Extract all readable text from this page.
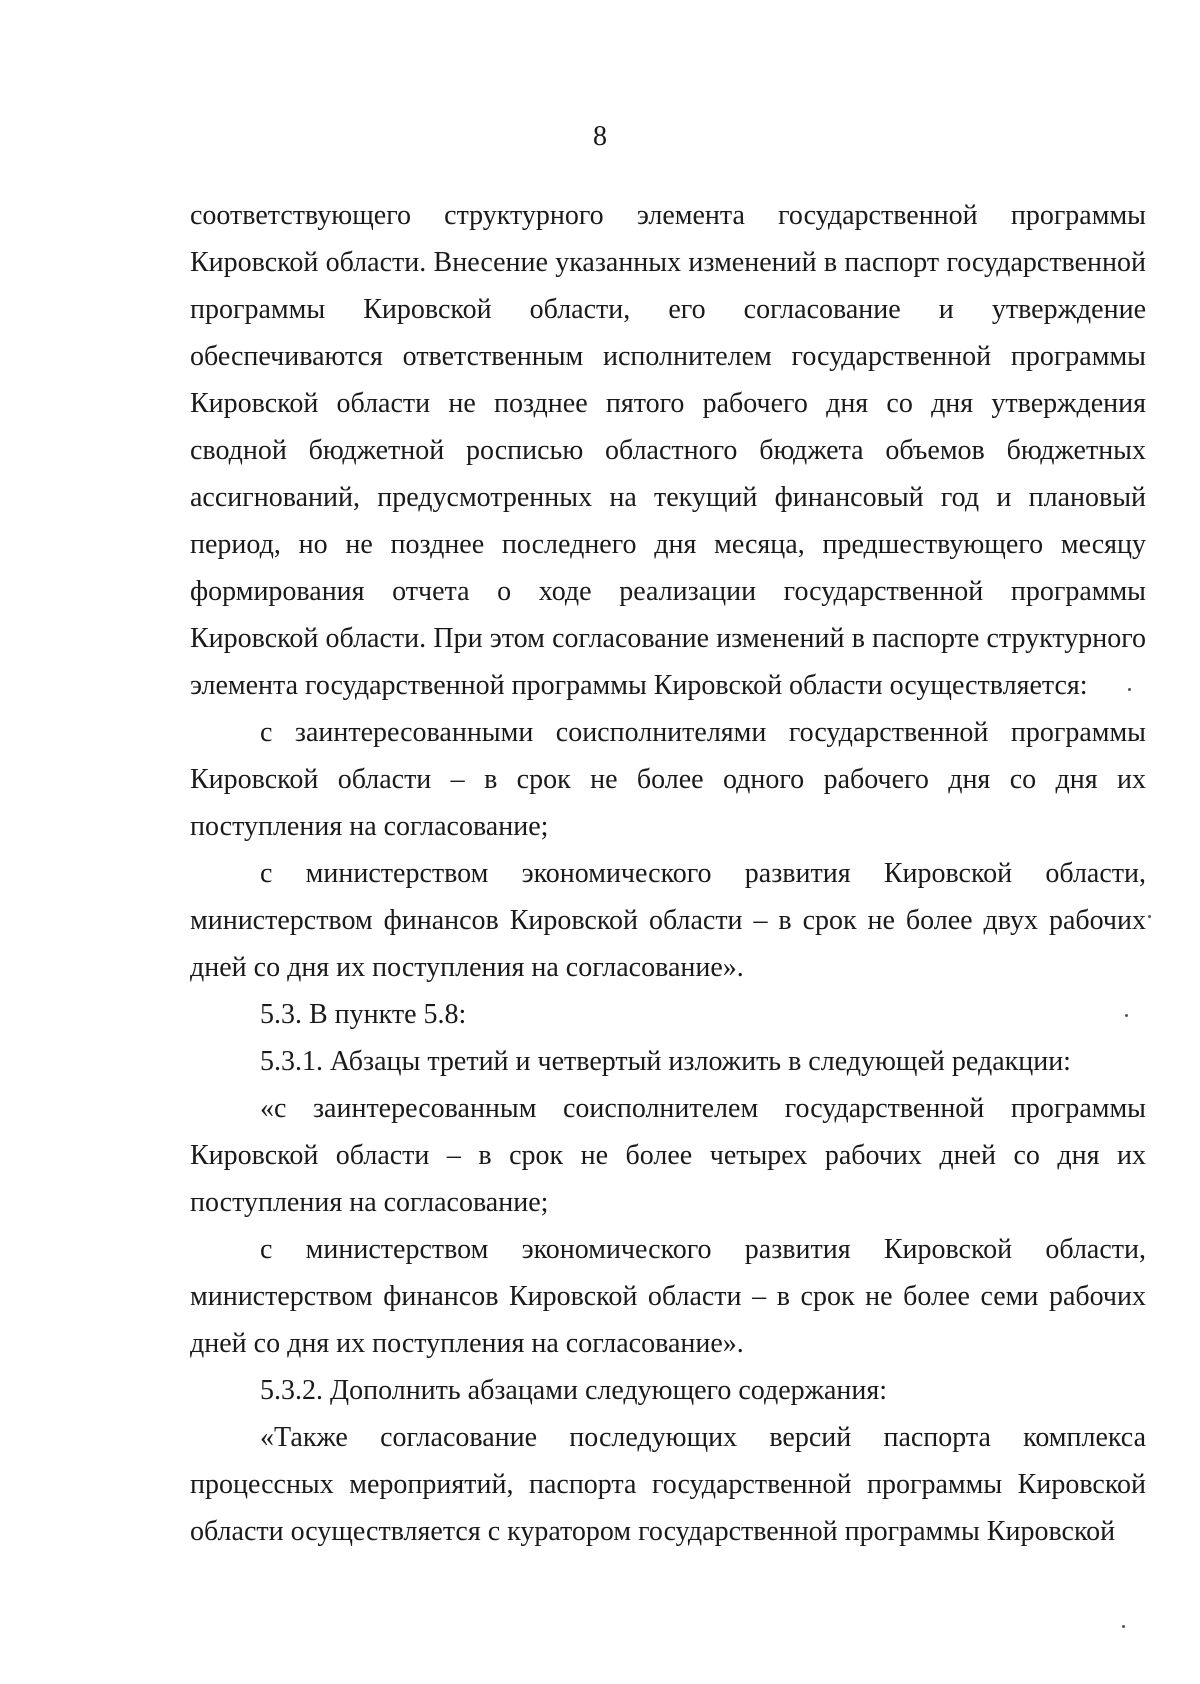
8

соответствующего структурного элемента государственной программы Кировской области. Внесение указанных изменений в паспорт государственной программы Кировской области, его согласование и утверждение обеспечиваются ответственным исполнителем государственной программы Кировской области не позднее пятого рабочего дня со дня утверждения сводной бюджетной росписью областного бюджета объемов бюджетных ассигнований, предусмотренных на текущий финансовый год и плановый период, но не позднее последнего дня месяца, предшествующего месяцу формирования отчета о ходе реализации государственной программы Кировской области. При этом согласование изменений в паспорте структурного элемента государственной программы Кировской области осуществляется:

с заинтересованными соисполнителями государственной программы Кировской области – в срок не более одного рабочего дня со дня их поступления на согласование;

с министерством экономического развития Кировской области, министерством финансов Кировской области – в срок не более двух рабочих дней со дня их поступления на согласование».

5.3. В пункте 5.8:

5.3.1. Абзацы третий и четвертый изложить в следующей редакции:

«с заинтересованным соисполнителем государственной программы Кировской области – в срок не более четырех рабочих дней со дня их поступления на согласование;

с министерством экономического развития Кировской области, министерством финансов Кировской области – в срок не более семи рабочих дней со дня их поступления на согласование».

5.3.2. Дополнить абзацами следующего содержания:

«Также согласование последующих версий паспорта комплекса процессных мероприятий, паспорта государственной программы Кировской области осуществляется с куратором государственной программы Кировской
